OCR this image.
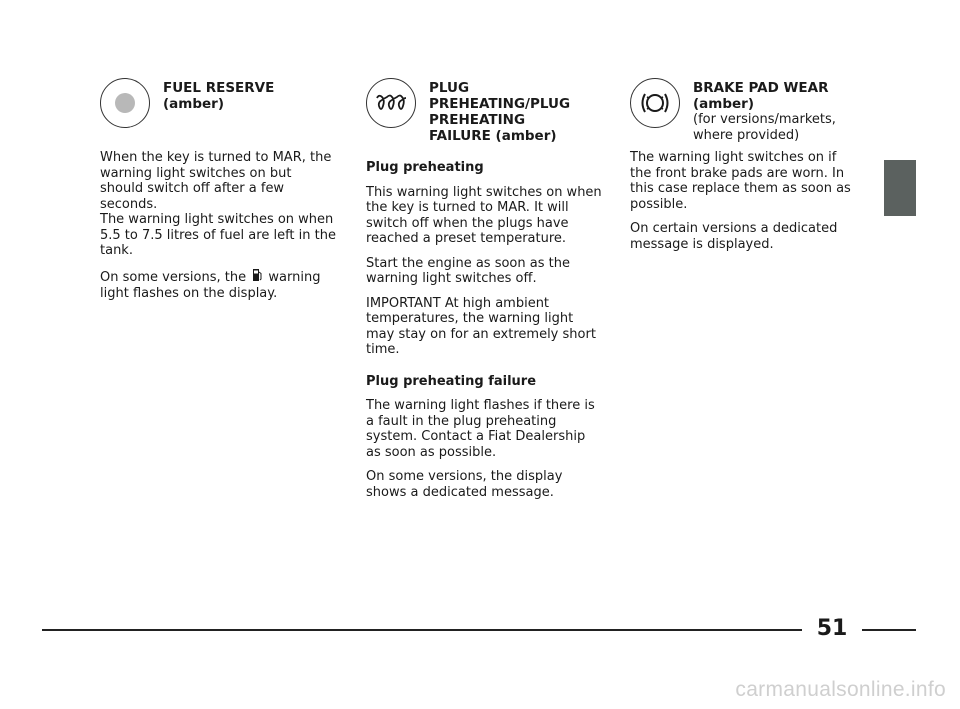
FUEL RESERVE
(amber)

When the key is turned to MAR, the warning light switches on but should switch off after a few seconds.

The warning light switches on when 5.5 to 7.5 litres of fuel are left in the tank.

On some versions, the warning light flashes on the display.

PLUG PREHEATING/PLUG PREHEATING FAILURE (amber)
Plug preheating

This warning light switches on when the key is turned to MAR. It will switch off when the plugs have reached a preset temperature.

Start the engine as soon as the warning light switches off.

IMPORTANT At high ambient temperatures, the warning light may stay on for an extremely short time.

Plug preheating failure

The warning light flashes if there is a fault in the plug preheating system. Contact a Fiat Dealership as soon as possible.

On some versions, the display shows a dedicated message.

BRAKE PAD WEAR
(amber)
(for versions/markets, where provided)

The warning light switches on if the front brake pads are worn. In this case replace them as soon as possible.

On certain versions a dedicated message is displayed.

51
carmanualsonline.info
